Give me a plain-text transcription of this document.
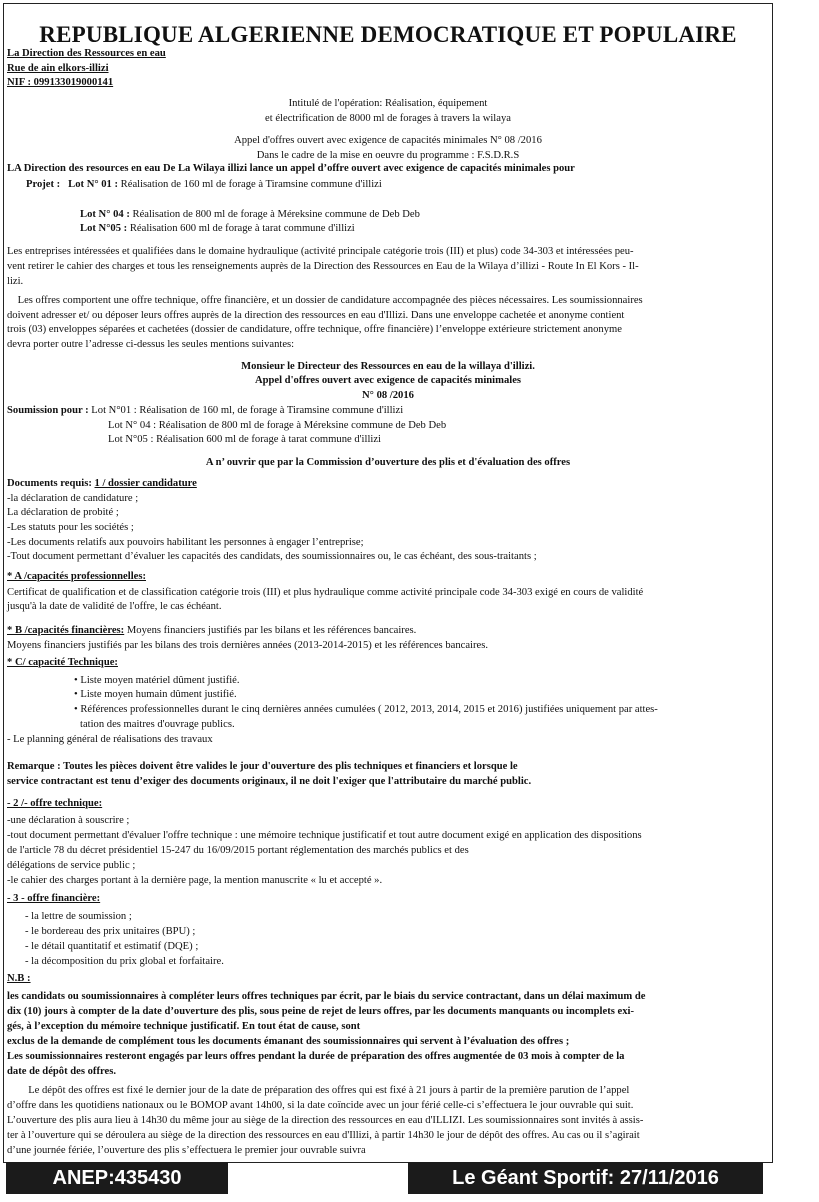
REPUBLIQUE ALGERIENNE DEMOCRATIQUE ET POPULAIRE
La Direction des Ressources en eau
Rue de ain elkors-illizi
NIF : 099133019000141
Intitulé de l'opération: Réalisation, équipement
et électrification de 8000 ml de forages à travers la wilaya
Appel d'offres ouvert avec exigence de capacités minimales N° 08 /2016
Dans le cadre de la mise en oeuvre du programme : F.S.D.R.S
LA Direction des resources en eau De La Wilaya illizi lance un appel d’offre ouvert avec exigence de capacités minimales pour
Projet : Lot N° 01 : Réalisation de 160 ml de forage à Tiramsine commune d'illizi
Lot N° 04 : Réalisation de 800 ml de forage à Méreksine commune de Deb Deb
Lot N°05 : Réalisation 600 ml de forage à tarat commune d'illizi
Les entreprises intéressées et qualifiées dans le domaine hydraulique (activité principale catégorie trois (III) et plus) code 34-303 et intéressées peu-
vent retirer le cahier des charges et tous les renseignements auprès de la Direction des Ressources en Eau de la Wilaya d’illizi - Route In El Kors - Il-
lizi.
Les offres comportent une offre technique, offre financière, et un dossier de candidature accompagnée des pièces nécessaires. Les soumissionnaires
doivent adresser et/ ou déposer leurs offres auprès de la direction des ressources en eau d'Illizi. Dans une enveloppe cachetée et anonyme contient
trois (03) enveloppes séparées et cachetées (dossier de candidature, offre technique, offre financière) l’enveloppe extérieure strictement anonyme
devra porter outre l’adresse ci-dessus les seules mentions suivantes:
Monsieur le Directeur des Ressources en eau de la willaya d'illizi.
Appel d'offres ouvert avec exigence de capacités minimales
N° 08 /2016
Soumission pour : Lot N°01 : Réalisation de 160 ml, de forage à Tiramsine commune d'illizi
Lot N° 04 : Réalisation de 800 ml de forage à Méreksine commune de Deb Deb
Lot N°05 : Réalisation 600 ml de forage à tarat commune d'illizi
A n’ ouvrir que par la Commission d’ouverture des plis et d'évaluation des offres
Documents requis: 1 / dossier candidature
-la déclaration de candidature ;
La déclaration de probité ;
-Les statuts pour les sociétés ;
-Les documents relatifs aux pouvoirs habilitant les personnes à engager l’entreprise;
-Tout document permettant d’évaluer les capacités des candidats, des soumissionnaires ou, le cas échéant, des sous-traitants ;
* A /capacités professionnelles:
Certificat de qualification et de classification catégorie trois (III) et plus hydraulique comme activité principale code 34-303 exigé en cours de validité
jusqu'à la date de validité de l'offre, le cas échéant.
* B /capacités financières: Moyens financiers justifiés par les bilans et les références bancaires.
Moyens financiers justifiés par les bilans des trois dernières années (2013-2014-2015) et les références bancaires.
* C/ capacité Technique:
• Liste moyen matériel dûment justifié.
• Liste moyen humain dûment justifié.
• Références professionnelles durant le cinq dernières années cumulées ( 2012, 2013, 2014, 2015 et 2016) justifiées uniquement par attes-
tation des maitres d'ouvrage publics.
- Le planning général de réalisations des travaux
Remarque : Toutes les pièces doivent être valides le jour d'ouverture des plis techniques et financiers et lorsque le
service contractant est tenu d’exiger des documents originaux, il ne doit l'exiger que l'attributaire du marché public.
- 2 /- offre technique:
-une déclaration à souscrire ;
-tout document permettant d'évaluer l'offre technique : une mémoire technique justificatif et tout autre document exigé en application des dispositions
de l'article 78 du décret présidentiel 15-247 du 16/09/2015 portant réglementation des marchés publics et des
délégations de service public ;
-le cahier des charges portant à la dernière page, la mention manuscrite « lu et accepté ».
- 3 - offre financière:
- la lettre de soumission ;
- le bordereau des prix unitaires (BPU) ;
- le détail quantitatif et estimatif (DQE) ;
- la décomposition du prix global et forfaitaire.
N.B :
les candidats ou soumissionnaires à compléter leurs offres techniques par écrit, par le biais du service contractant, dans un délai maximum de
dix (10) jours à compter de la date d’ouverture des plis, sous peine de rejet de leurs offres, par les documents manquants ou incomplets exi-
gés, à l’exception du mémoire technique justificatif. En tout état de cause, sont
exclus de la demande de complément tous les documents émanant des soumissionnaires qui servent à l’évaluation des offres ;
Les soumissionnaires resteront engagés par leurs offres pendant la durée de préparation des offres augmentée de 03 mois à compter de la
date de dépôt des offres.
Le dépôt des offres est fixé le dernier jour de la date de préparation des offres qui est fixé à 21 jours à partir de la première parution de l’appel
d’offre dans les quotidiens nationaux ou le BOMOP avant 14h00, si la date coïncide avec un jour férié celle-ci s’effectuera le jour ouvrable qui suit.
L’ouverture des plis aura lieu à 14h30 du même jour au siège de la direction des ressources en eau d'ILLIZI. Les soumissionnaires sont invités à assis-
ter à l’ouverture qui se déroulera au siège de la direction des ressources en eau d'Illizi, à partir 14h30 le jour de dépôt des offres. Au cas ou il s’agirait
d’une journée fériée, l’ouverture des plis s’effectuera le premier jour ouvrable suivra
ANEP:435430	Le Géant Sportif: 27/11/2016
